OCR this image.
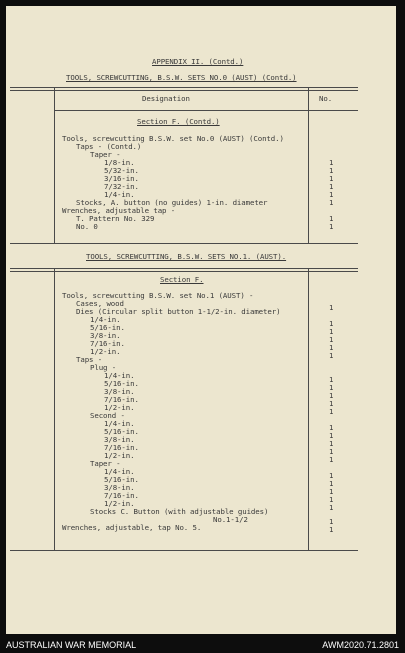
APPENDIX II. (Contd.)
TOOLS, SCREWCUTTING, B.S.W. SETS NO.0 (AUST) (Contd.)
Designation	No.
Section F. (Contd.)
Tools, screwcutting B.S.W. set No.0 (AUST) (Contd.)
Taps - (Contd.)
Taper -
1/8-in.
5/32-in.
3/16-in.
7/32-in.
1/4-in.
Stocks, A. button (no guides) 1-in. diameter
Wrenches, adjustable tap -
T. Pattern No. 329
No. 0
1
1
1
1
1
1
1
1
TOOLS, SCREWCUTTING, B.S.W. SETS NO.1. (AUST).
Section F.
Tools, screwcutting B.S.W. set No.1 (AUST) -
Cases, wood
Dies (Circular split button 1-1/2-in. diameter)
1/4-in.
5/16-in.
3/8-in.
7/16-in.
1/2-in.
Taps -
Plug -
1/4-in.
5/16-in.
3/8-in.
7/16-in.
1/2-in.
Second -
1/4-in.
5/16-in.
3/8-in.
7/16-in.
1/2-in.
Taper -
1/4-in.
5/16-in.
3/8-in.
7/16-in.
1/2-in.
Stocks C. Button (with adjustable guides)
No.1-1/2
Wrenches, adjustable, tap No. 5.
1
1
1
1
1
1
1
1
1
1
1
1
1
1
1
1
1
1
1
1
1
1
1
AUSTRALIAN WAR MEMORIAL	AWM2020.71.2801
